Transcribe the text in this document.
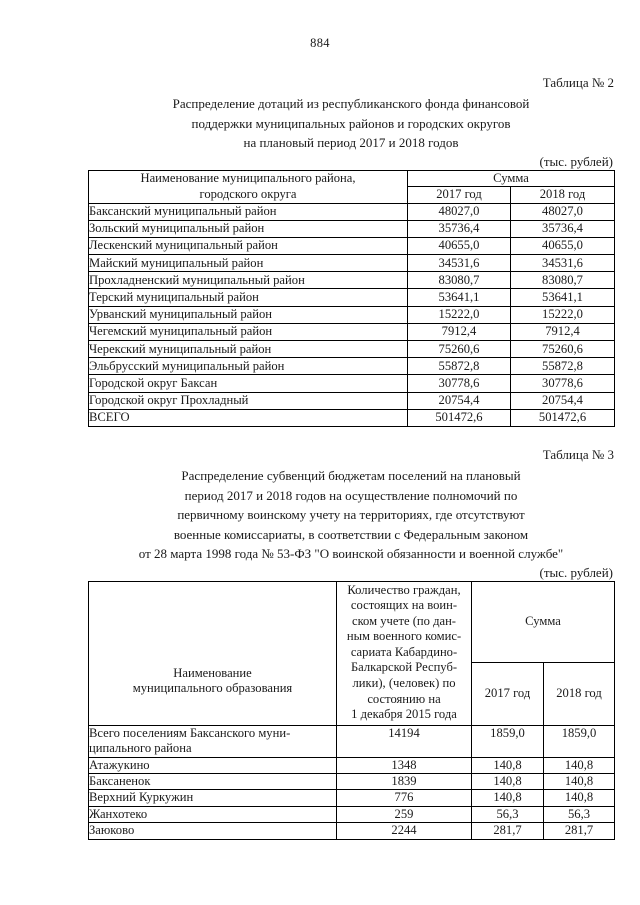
884
Таблица № 2
Распределение дотаций из республиканского фонда финансовой
поддержки муниципальных районов и городских округов
на плановый период 2017 и 2018 годов
(тыс. рублей)
Наименование муниципального района,
городского округа	Сумма	
	2017 год	2018 год
Баксанский муниципальный район	48027,0	48027,0
Зольский муниципальный район	35736,4	35736,4
Лескенский муниципальный район	40655,0	40655,0
Майский муниципальный район	34531,6	34531,6
Прохладненский муниципальный район	83080,7	83080,7
Терский муниципальный район	53641,1	53641,1
Урванский муниципальный район	15222,0	15222,0
Чегемский муниципальный район	7912,4	7912,4
Черекский муниципальный район	75260,6	75260,6
Эльбрусский муниципальный район	55872,8	55872,8
Городской округ Баксан	30778,6	30778,6
Городской округ Прохладный	20754,4	20754,4
ВСЕГО	501472,6	501472,6
Таблица № 3
Распределение субвенций бюджетам поселений на плановый
период 2017 и 2018 годов на осуществление полномочий по
первичному воинскому учету на территориях, где отсутствуют
военные комиссариаты, в соответствии с Федеральным законом
от 28 марта 1998 года № 53-ФЗ "О воинской обязанности и военной службе"
(тыс. рублей)
Наименование
муниципального образования

Количество граждан,
состоящих на воин-
ском учете (по дан-
ным военного комис-
сариата Кабардино-
Балкарской Респуб-
лики), (человек) по
состоянию на
1 декабря 2015 года
	Сумма
		2017 год	2018 год

Всего поселениям Баксанского муни-
ципального района	14194	1859,0	1859,0
Атажукино	1348	140,8	140,8
Баксаненок	1839	140,8	140,8
Верхний Куркужин	776	140,8	140,8
Жанхотеко	259	56,3	56,3
Заюково	2244	281,7	281,7
